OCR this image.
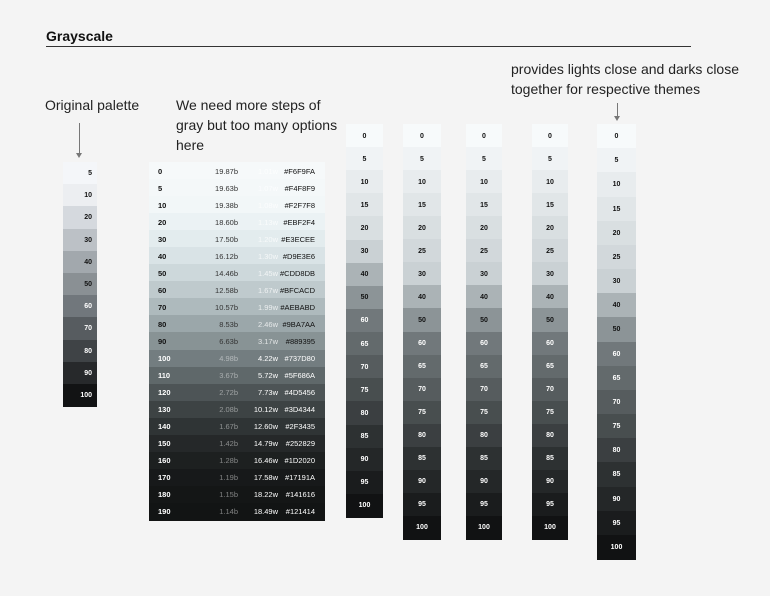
Grayscale
Original palette	We need more steps of gray but too many options here
provides lights close and darks close together for respective themes
5
10
20
30
40
50
60
70
80
90
100
0	19.87b	1.01w #F6F9FA
5	19.63b	1.07w #F4F8F9
10	19.38b	1.08w #F2F7F8
20	18.60b	1.13w #EBF2F4
30	17.50b	1.20w #E3ECEE
40	16.12b	1.30w #D9E3E6
50	14.46b	1.45w #CDD8DB
60	12.58b	1.67w #BFCACD
70	10.57b	1.99w #AEBABD
80	8.53b	2.46w #9BA7AA
90	6.63b	3.17w	#889395
100	4.98b	4.22w #737D80
110	3.67b	5.72w #5F686A
120	2.72b	7.73w #4D5456
130	2.08b	10.12w #3D4344
140	1.67b	12.60w #2F3435
150	1.42b	14.79w	#252829
160	1.28b	16.46w #1D2020
170	1.19b	17.58w #17191A
180	1.15b	18.22w	#141616
190	1.14b	18.49w	#121414
0
5
10
15
20
30
40
50
60
65
70
75
80
85
90
95
100
0
5
10
15
20
25
30
40
50
60
65
70
75
80
85
90
95
100
0
5
10
15
20
25
30
40
50
60
65
70
75
80
85
90
95
100
0
5
10
15
20
25
30
40
50
60
65
70
75
80
85
90
95
100
0
5
10
15
20
25
30
40
50
60
65
70
75
80
85
90
95
100
